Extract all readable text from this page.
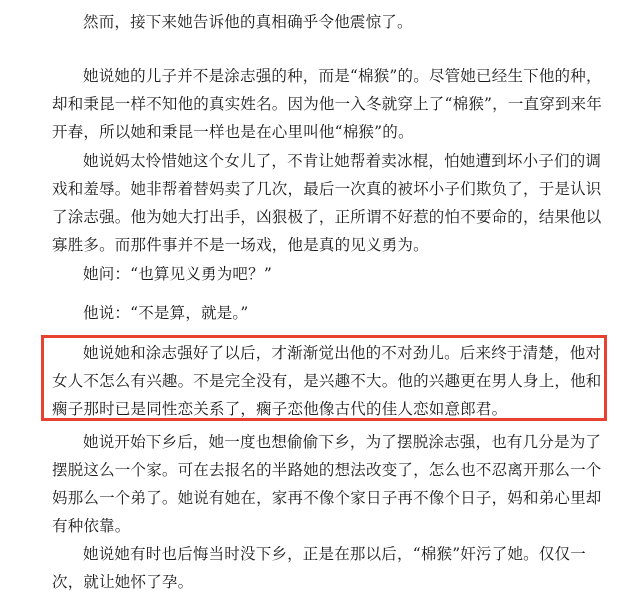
然而，接下来她告诉他的真相确乎令他震惊了。

她说她的儿子并不是涂志强的种，而是“棉猴”的。尽管她已经生下他的种，却和秉昆一样不知他的真实姓名。因为他一入冬就穿上了“棉猴”，一直穿到来年开春，所以她和秉昆一样也是在心里叫他“棉猴”的。

她说妈太怜惜她这个女儿了，不肯让她帮着卖冰棍，怕她遭到坏小子们的调戏和羞辱。她非帮着替妈卖了几次，最后一次真的被坏小子们欺负了，于是认识了涂志强。他为她大打出手，凶狠极了，正所谓不好惹的怕不要命的，结果他以寡胜多。而那件事并不是一场戏，他是真的见义勇为。

她问：“也算见义勇为吧？”

他说：“不是算，就是。”

她说她和涂志强好了以后，才渐渐觉出他的不对劲儿。后来终于清楚，他对女人不怎么有兴趣。不是完全没有，是兴趣不大。他的兴趣更在男人身上，他和瘸子那时已是同性恋关系了，瘸子恋他像古代的佳人恋如意郎君。

她说开始下乡后，她一度也想偷偷下乡，为了摆脱涂志强，也有几分是为了摆脱这么一个家。可在去报名的半路她的想法改变了，怎么也不忍离开那么一个妈那么一个弟了。她说有她在，家再不像个家日子再不像个日子，妈和弟心里却有种依靠。

她说她有时也后悔当时没下乡，正是在那以后，“棉猴”奸污了她。仅仅一次，就让她怀了孕。
